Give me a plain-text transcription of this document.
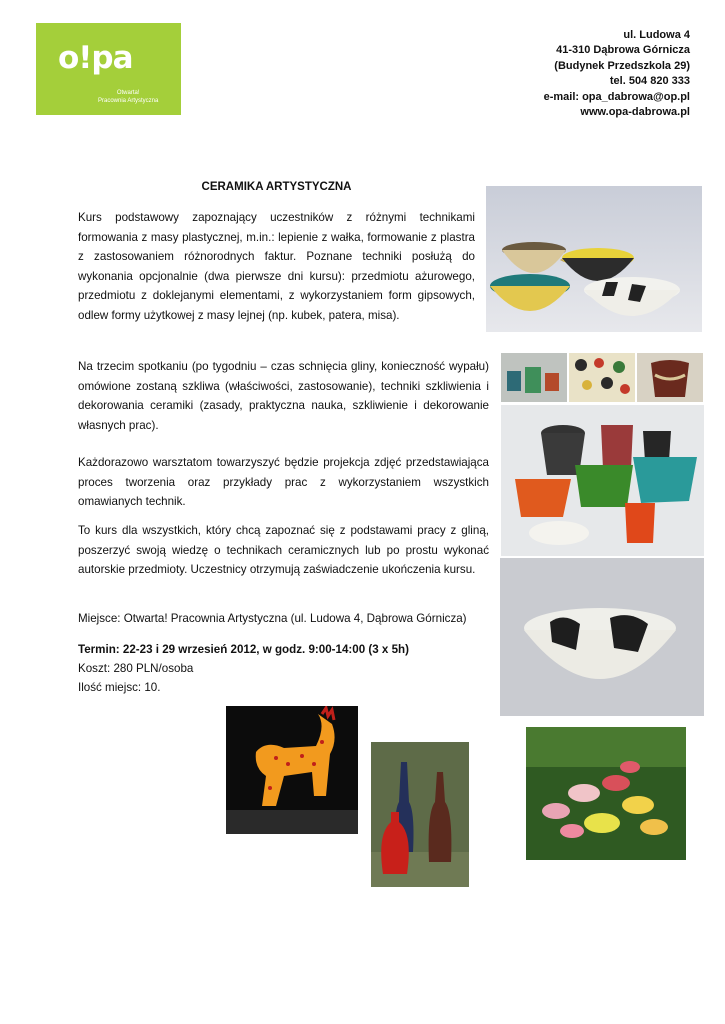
o!pa
Otwarta!
Pracownia Artystyczna
ul. Ludowa 4
41-310 Dąbrowa Górnicza
(Budynek Przedszkola 29)
tel. 504 820 333
e-mail: opa_dabrowa@op.pl
www.opa-dabrowa.pl
CERAMIKA ARTYSTYCZNA
Kurs podstawowy zapoznający uczestników z różnymi technikami formowania z masy plastycznej, m.in.: lepienie z wałka, formowanie z plastra z zastosowaniem różnorodnych faktur. Poznane techniki posłużą do wykonania opcjonalnie (dwa pierwsze dni kursu): przedmiotu ażurowego, przedmiotu z doklejanymi elementami, z wykorzystaniem form gipsowych, odlew formy użytkowej z masy lejnej (np. kubek, patera, misa).
Na trzecim spotkaniu (po tygodniu – czas schnięcia gliny, konieczność wypału) omówione zostaną szkliwa (właściwości, zastosowanie), techniki szkliwienia i dekorowania ceramiki (zasady, praktyczna nauka, szkliwienie i dekorowanie własnych prac).
Każdorazowo warsztatom towarzyszyć będzie projekcja zdjęć przedstawiająca proces tworzenia oraz przykłady prac z wykorzystaniem wszystkich omawianych technik.
To kurs dla wszystkich, który chcą zapoznać się z podstawami pracy z gliną, poszerzyć swoją wiedzę o technikach ceramicznych lub po prostu wykonać autorskie przedmioty. Uczestnicy otrzymują zaświadczenie ukończenia kursu.
Miejsce: Otwarta! Pracownia Artystyczna (ul. Ludowa 4, Dąbrowa Górnicza)
Termin: 22-23 i 29 wrzesień 2012, w godz. 9:00-14:00 (3 x 5h)
Koszt: 280 PLN/osoba
Ilość miejsc: 10.
